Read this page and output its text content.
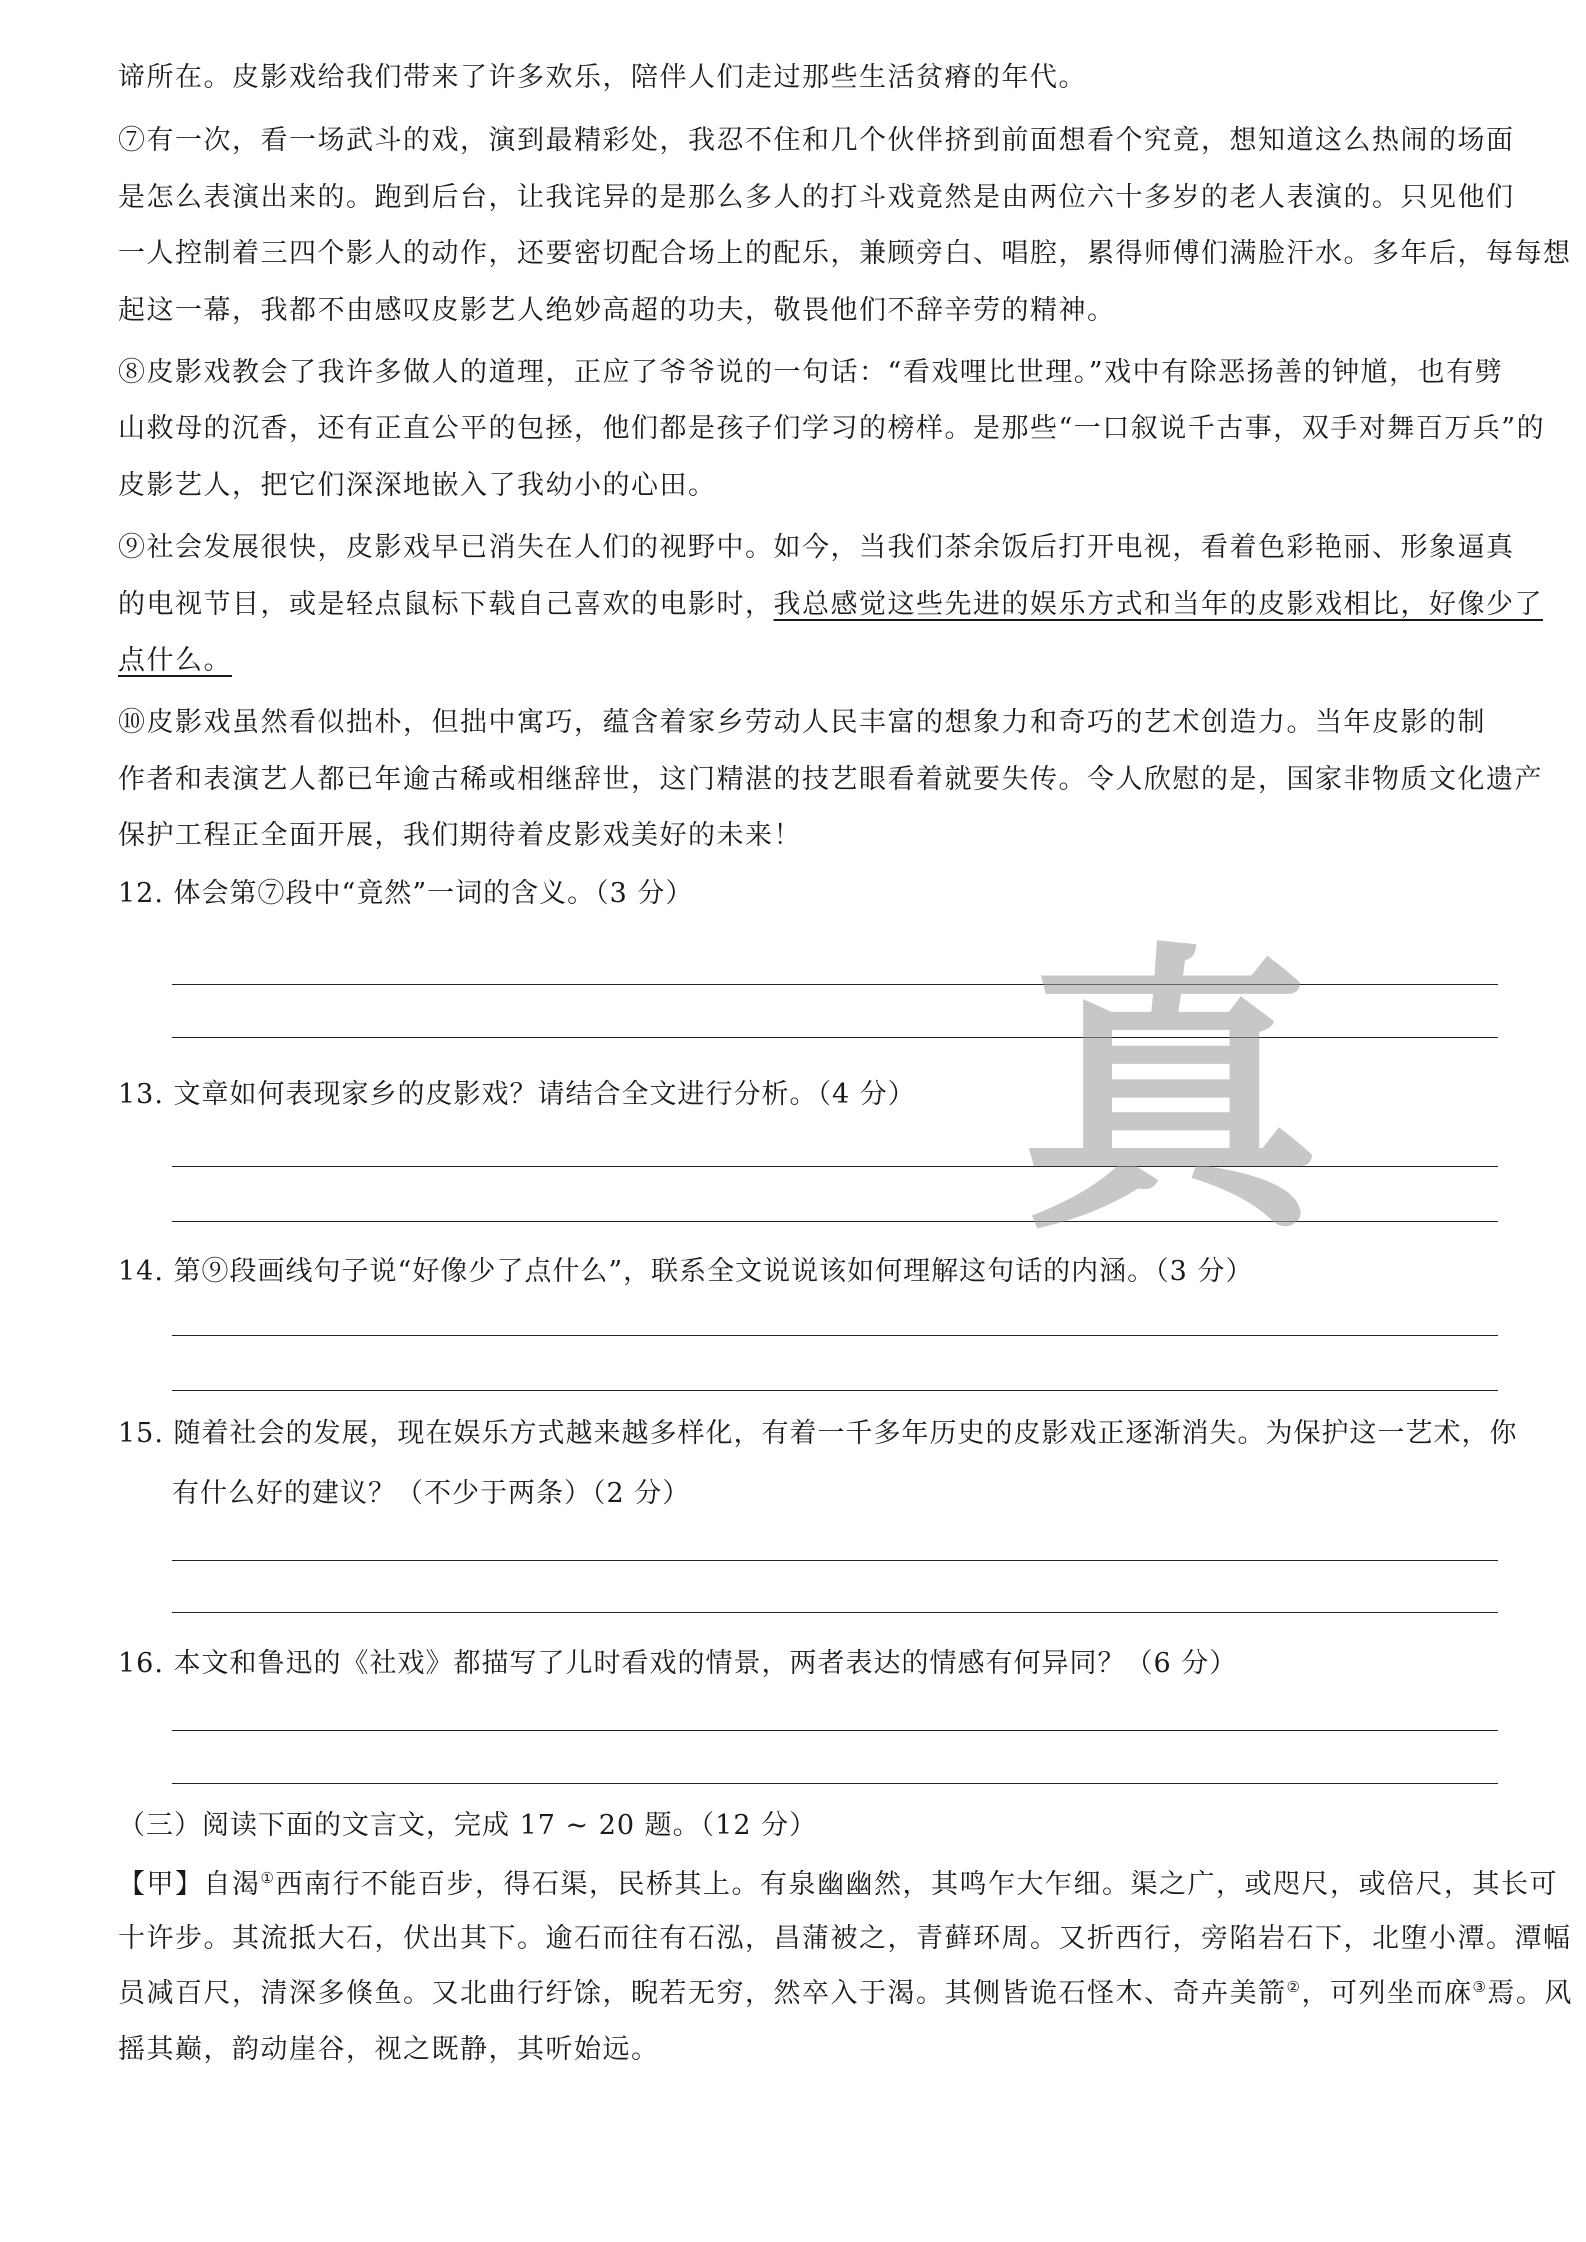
谛所在。皮影戏给我们带来了许多欢乐，陪伴人们走过那些生活贫瘠的年代。
⑦有一次，看一场武斗的戏，演到最精彩处，我忍不住和几个伙伴挤到前面想看个究竟，想知道这么热闹的场面
是怎么表演出来的。跑到后台，让我诧异的是那么多人的打斗戏竟然是由两位六十多岁的老人表演的。只见他们
一人控制着三四个影人的动作，还要密切配合场上的配乐，兼顾旁白、唱腔，累得师傅们满脸汗水。多年后，每每想
起这一幕，我都不由感叹皮影艺人绝妙高超的功夫，敬畏他们不辞辛劳的精神。
⑧皮影戏教会了我许多做人的道理，正应了爷爷说的一句话：“看戏哩比世理。”戏中有除恶扬善的钟馗，也有劈
山救母的沉香，还有正直公平的包拯，他们都是孩子们学习的榜样。是那些“一口叙说千古事，双手对舞百万兵”的
皮影艺人，把它们深深地嵌入了我幼小的心田。
⑨社会发展很快，皮影戏早已消失在人们的视野中。如今，当我们茶余饭后打开电视，看着色彩艳丽、形象逼真
的电视节目，或是轻点鼠标下载自己喜欢的电影时，我总感觉这些先进的娱乐方式和当年的皮影戏相比，好像少了
点什么。
⑩皮影戏虽然看似拙朴，但拙中寓巧，蕴含着家乡劳动人民丰富的想象力和奇巧的艺术创造力。当年皮影的制
作者和表演艺人都已年逾古稀或相继辞世，这门精湛的技艺眼看着就要失传。令人欣慰的是，国家非物质文化遗产
保护工程正全面开展，我们期待着皮影戏美好的未来！
12. 体会第⑦段中“竟然”一词的含义。（3 分）
13. 文章如何表现家乡的皮影戏？请结合全文进行分析。（4 分）
14. 第⑨段画线句子说“好像少了点什么”，联系全文说说该如何理解这句话的内涵。（3 分）
15. 随着社会的发展，现在娱乐方式越来越多样化，有着一千多年历史的皮影戏正逐渐消失。为保护这一艺术，你
有什么好的建议？（不少于两条）（2 分）
16. 本文和鲁迅的《社戏》都描写了儿时看戏的情景，两者表达的情感有何异同？（6 分）
（三）阅读下面的文言文，完成 17 ~ 20 题。（12 分）
【甲】自渴①西南行不能百步，得石渠，民桥其上。有泉幽幽然，其鸣乍大乍细。渠之广，或咫尺，或倍尺，其长可
十许步。其流抵大石，伏出其下。逾石而往有石泓，昌蒲被之，青藓环周。又折西行，旁陷岩石下，北堕小潭。潭幅
员减百尺，清深多倏鱼。又北曲行纡馀，睨若无穷，然卒入于渴。其侧皆诡石怪木、奇卉美箭②，可列坐而庥③焉。风
摇其巅，韵动崖谷，视之既静，其听始远。
真
